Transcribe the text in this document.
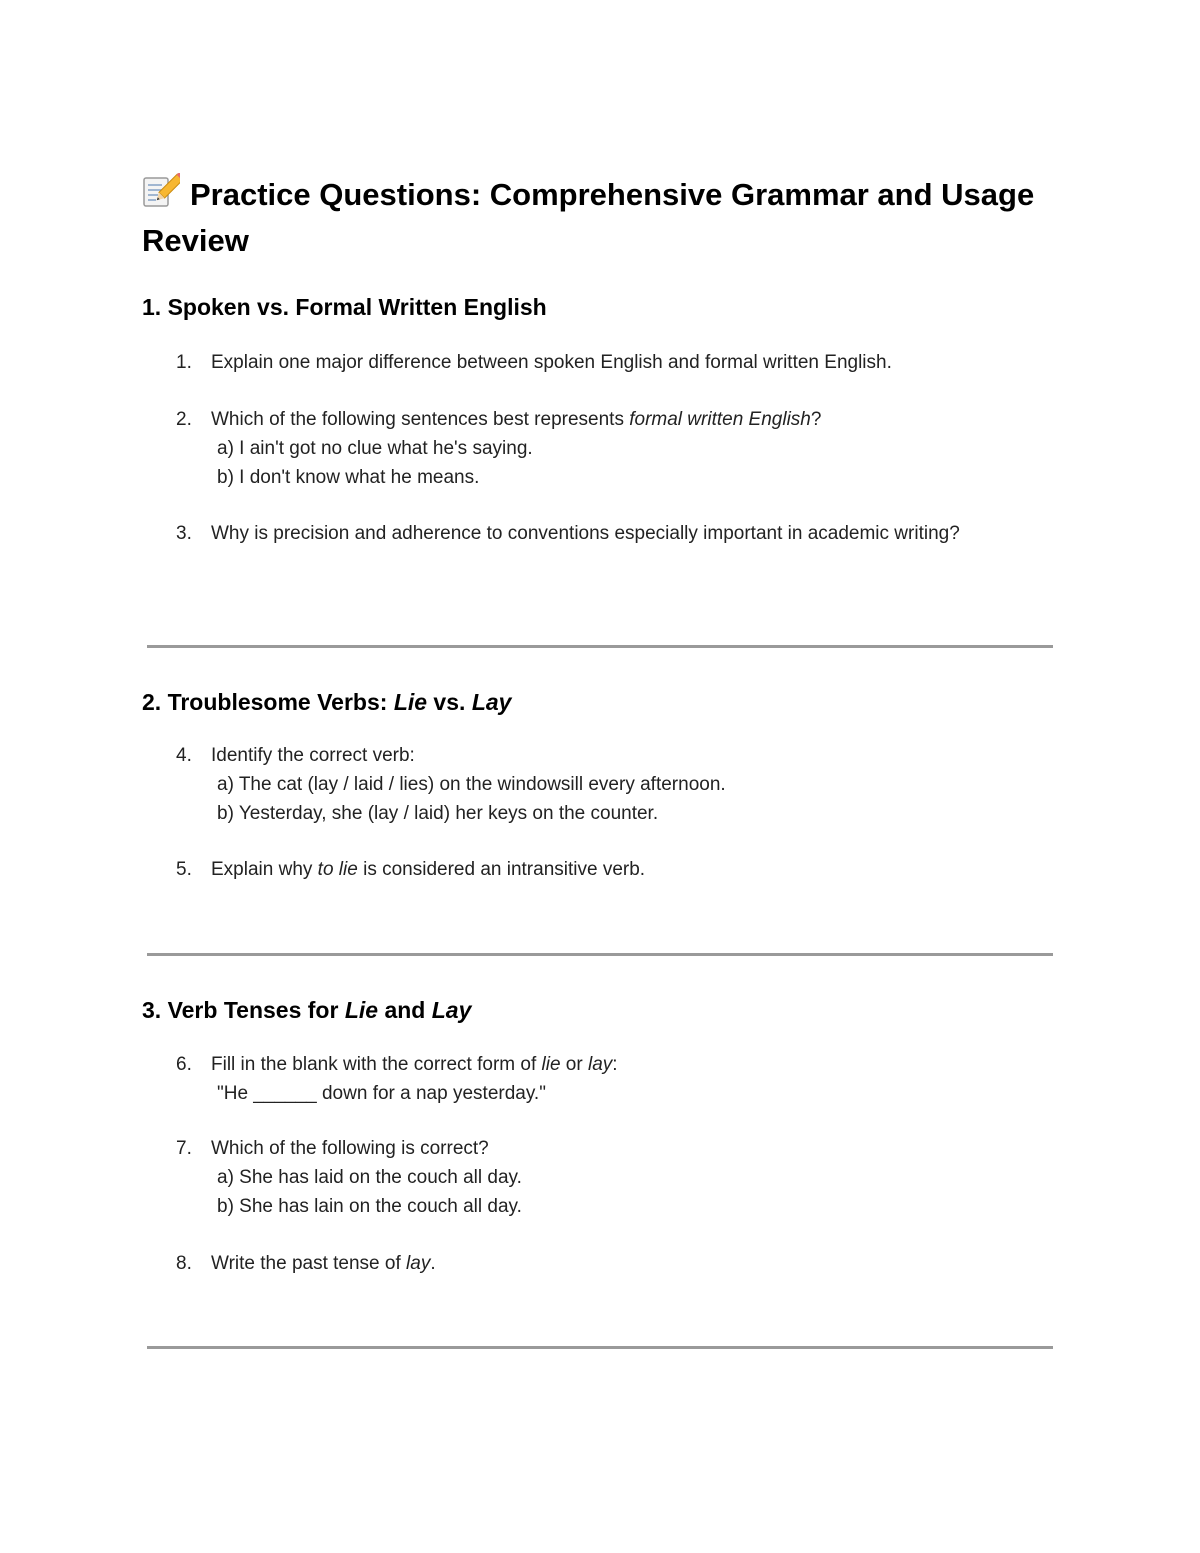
Practice Questions: Comprehensive Grammar and Usage Review
1. Spoken vs. Formal Written English
1. Explain one major difference between spoken English and formal written English.
2. Which of the following sentences best represents formal written English?
a) I ain't got no clue what he's saying.
b) I don't know what he means.
3. Why is precision and adherence to conventions especially important in academic writing?
2. Troublesome Verbs: Lie vs. Lay
4. Identify the correct verb:
a) The cat (lay / laid / lies) on the windowsill every afternoon.
b) Yesterday, she (lay / laid) her keys on the counter.
5. Explain why to lie is considered an intransitive verb.
3. Verb Tenses for Lie and Lay
6. Fill in the blank with the correct form of lie or lay:
"He ______ down for a nap yesterday."
7. Which of the following is correct?
a) She has laid on the couch all day.
b) She has lain on the couch all day.
8. Write the past tense of lay.
